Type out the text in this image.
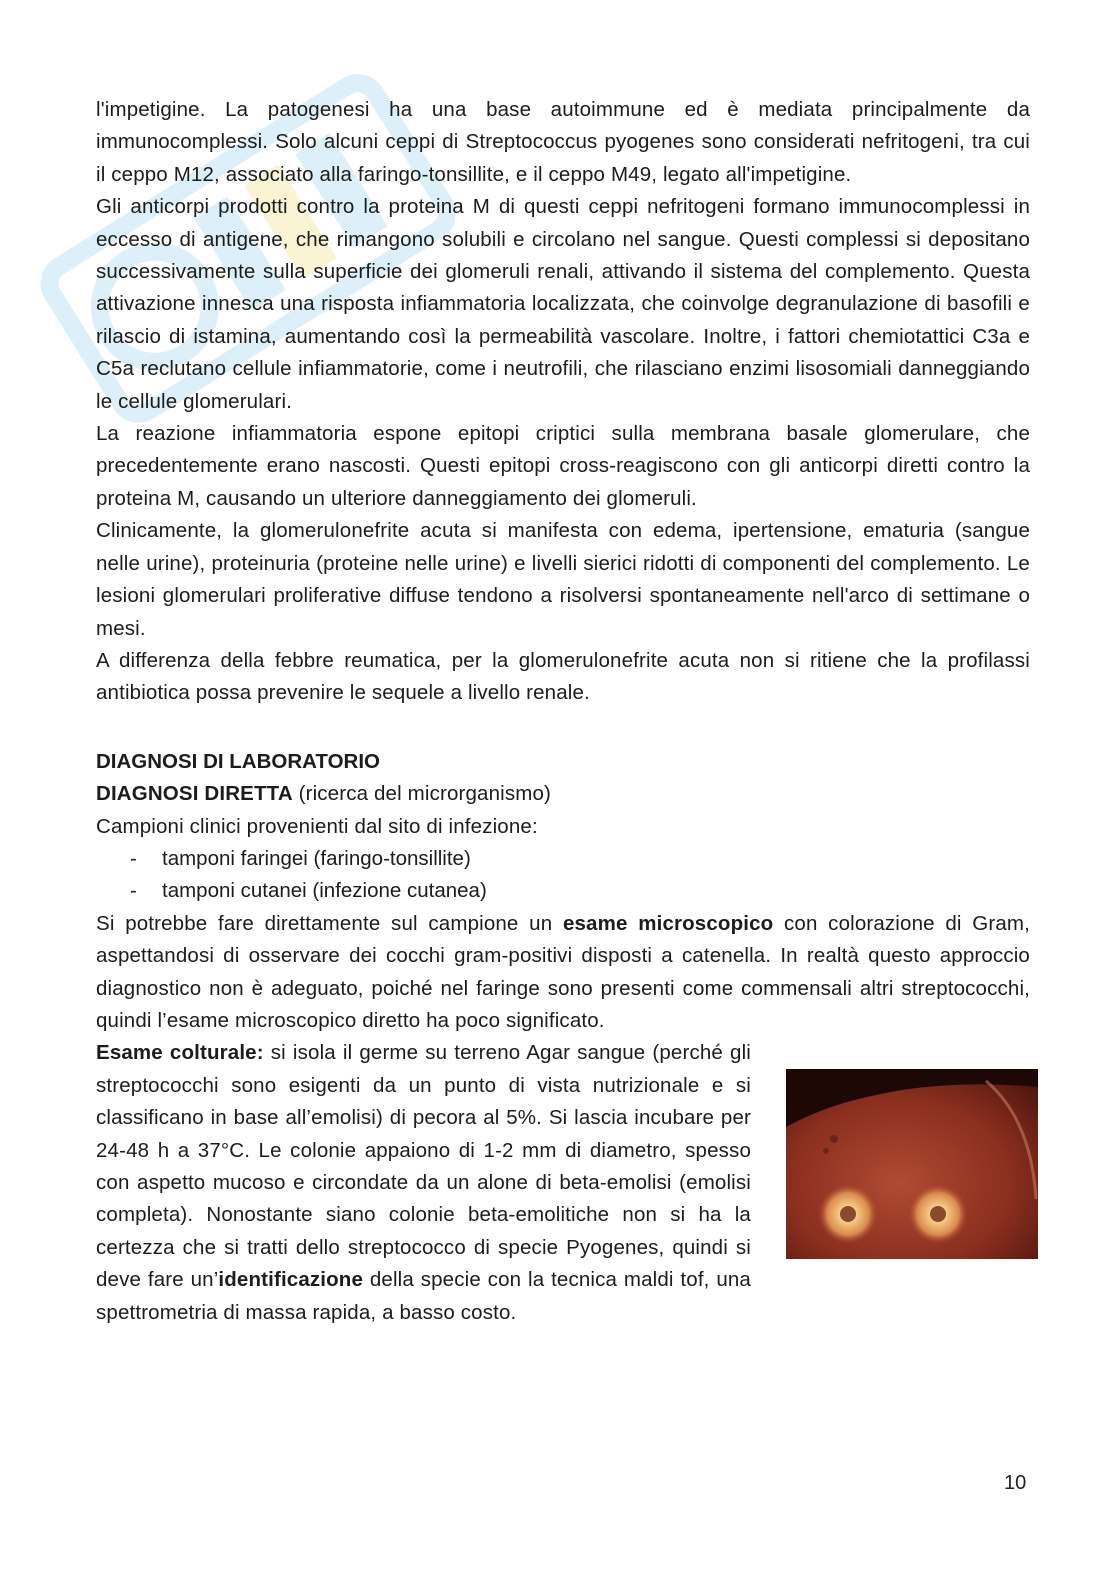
l'impetigine. La patogenesi ha una base autoimmune ed è mediata principalmente da immunocomplessi. Solo alcuni ceppi di Streptococcus pyogenes sono considerati nefritogeni, tra cui il ceppo M12, associato alla faringo-tonsillite, e il ceppo M49, legato all'impetigine.

Gli anticorpi prodotti contro la proteina M di questi ceppi nefritogeni formano immunocomplessi in eccesso di antigene, che rimangono solubili e circolano nel sangue. Questi complessi si depositano successivamente sulla superficie dei glomeruli renali, attivando il sistema del complemento. Questa attivazione innesca una risposta infiammatoria localizzata, che coinvolge degranulazione di basofili e rilascio di istamina, aumentando così la permeabilità vascolare. Inoltre, i fattori chemiotattici C3a e C5a reclutano cellule infiammatorie, come i neutrofili, che rilasciano enzimi lisosomiali danneggiando le cellule glomerulari.

La reazione infiammatoria espone epitopi criptici sulla membrana basale glomerulare, che precedentemente erano nascosti. Questi epitopi cross-reagiscono con gli anticorpi diretti contro la proteina M, causando un ulteriore danneggiamento dei glomeruli.

Clinicamente, la glomerulonefrite acuta si manifesta con edema, ipertensione, ematuria (sangue nelle urine), proteinuria (proteine nelle urine) e livelli sierici ridotti di componenti del complemento. Le lesioni glomerulari proliferative diffuse tendono a risolversi spontaneamente nell'arco di settimane o mesi.

A differenza della febbre reumatica, per la glomerulonefrite acuta non si ritiene che la profilassi antibiotica possa prevenire le sequele a livello renale.

DIAGNOSI DI LABORATORIO

DIAGNOSI DIRETTA (ricerca del microrganismo)

Campioni clinici provenienti dal sito di infezione:

- tamponi faringei (faringo-tonsillite)
- tamponi cutanei (infezione cutanea)

Si potrebbe fare direttamente sul campione un esame microscopico con colorazione di Gram, aspettandosi di osservare dei cocchi gram-positivi disposti a catenella. In realtà questo approccio diagnostico non è adeguato, poiché nel faringe sono presenti come commensali altri streptococchi, quindi l’esame microscopico diretto ha poco significato.

Esame colturale: si isola il germe su terreno Agar sangue (perché gli streptococchi sono esigenti da un punto di vista nutrizionale e si classificano in base all’emolisi) di pecora al 5%. Si lascia incubare per 24-48 h a 37°C. Le colonie appaiono di 1-2 mm di diametro, spesso con aspetto mucoso e circondate da un alone di beta-emolisi (emolisi completa). Nonostante siano colonie beta-emolitiche non si ha la certezza che si tratti dello streptococco di specie Pyogenes, quindi si deve fare un’identificazione della specie con la tecnica maldi tof, una spettrometria di massa rapida, a basso costo.

10
